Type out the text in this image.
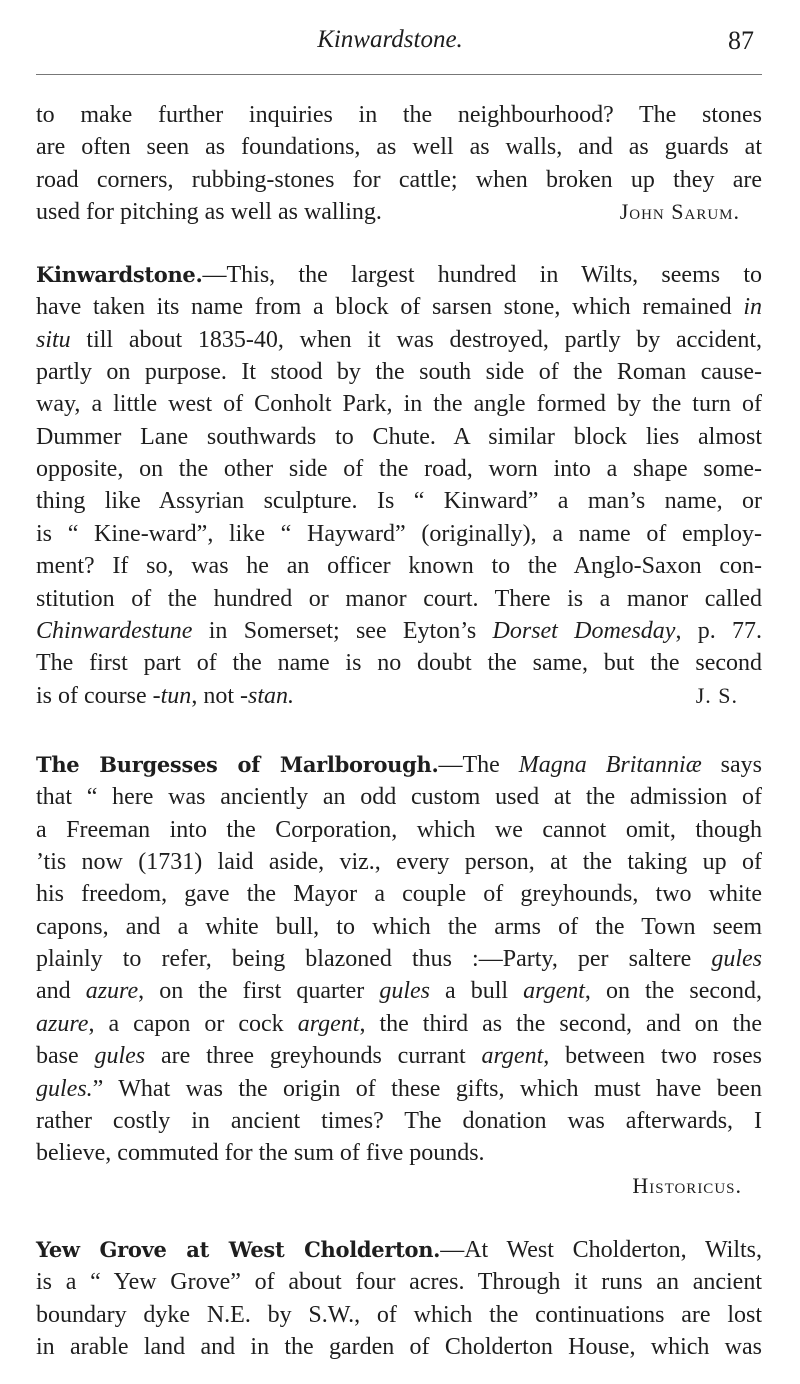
Kinwardstone.	87
to make further inquiries in the neighbourhood? The stones
are often seen as foundations, as well as walls, and as guards at
road corners, rubbing-stones for cattle; when broken up they are
used for pitching as well as walling.	John Sarum.
Kinwardstone.—This, the largest hundred in Wilts, seems to
have taken its name from a block of sarsen stone, which remained in
situ till about 1835-40, when it was destroyed, partly by accident,
partly on purpose. It stood by the south side of the Roman cause-
way, a little west of Conholt Park, in the angle formed by the turn of
Dummer Lane southwards to Chute. A similar block lies almost
opposite, on the other side of the road, worn into a shape some-
thing like Assyrian sculpture. Is “ Kinward” a man’s name, or
is “ Kine-ward”, like “ Hayward” (originally), a name of employ-
ment? If so, was he an officer known to the Anglo-Saxon con-
stitution of the hundred or manor court. There is a manor called
Chinwardestune in Somerset; see Eyton’s Dorset Domesday, p. 77.
The first part of the name is no doubt the same, but the second
is of course -tun, not -stan.	J. S.
The Burgesses of Marlborough.—The Magna Britanniæ says
that “ here was anciently an odd custom used at the admission of
a Freeman into the Corporation, which we cannot omit, though
’tis now (1731) laid aside, viz., every person, at the taking up of
his freedom, gave the Mayor a couple of greyhounds, two white
capons, and a white bull, to which the arms of the Town seem
plainly to refer, being blazoned thus :—Party, per saltere gules
and azure, on the first quarter gules a bull argent, on the second,
azure, a capon or cock argent, the third as the second, and on the
base gules are three greyhounds currant argent, between two roses
gules.” What was the origin of these gifts, which must have been
rather costly in ancient times? The donation was afterwards, I
believe, commuted for the sum of five pounds.
Historicus.
Yew Grove at West Cholderton.—At West Cholderton, Wilts,
is a “ Yew Grove” of about four acres. Through it runs an ancient
boundary dyke N.E. by S.W., of which the continuations are lost
in arable land and in the garden of Cholderton House, which was
